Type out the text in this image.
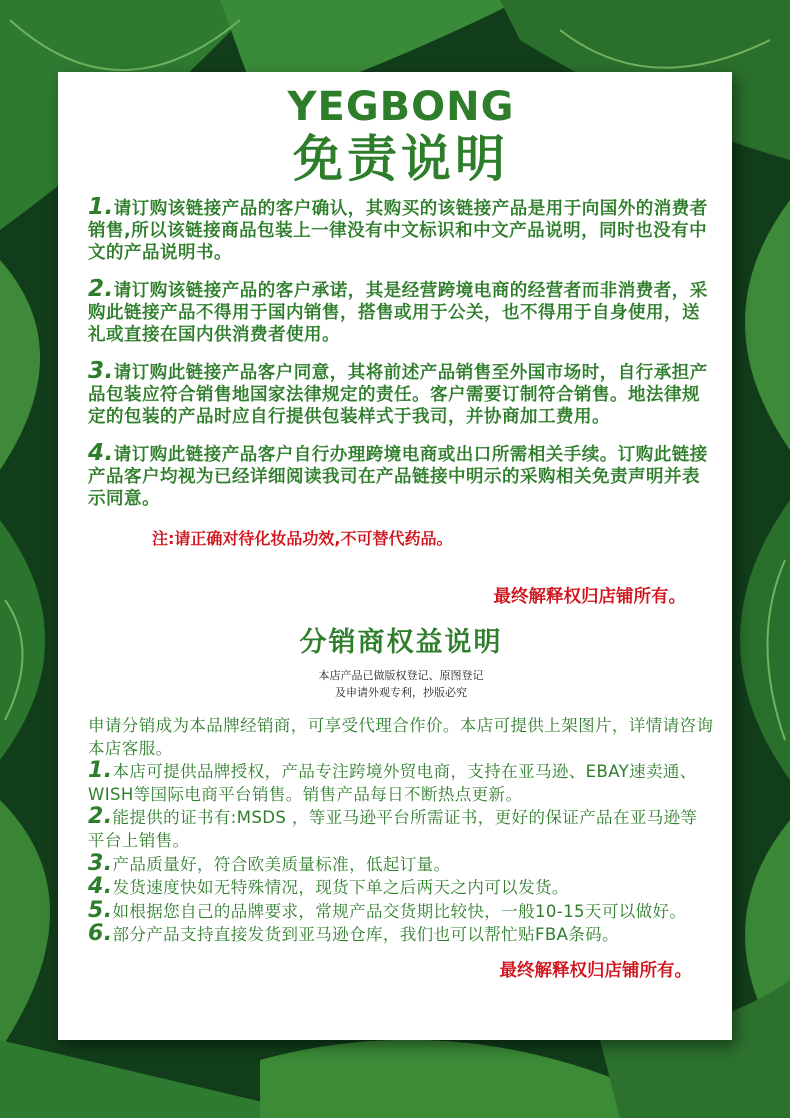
YEGBONG
免责说明
1.请订购该链接产品的客户确认，其购买的该链接产品是用于向国外的消费者销售,所以该链接商品包装上一律没有中文标识和中文产品说明，同时也没有中文的产品说明书。
2.请订购该链接产品的客户承诺，其是经营跨境电商的经营者而非消费者，采购此链接产品不得用于国内销售，搭售或用于公关，也不得用于自身使用，送礼或直接在国内供消费者使用。
3.请订购此链接产品客户同意，其将前述产品销售至外国市场时，自行承担产品包装应符合销售地国家法律规定的责任。客户需要订制符合销售。地法律规定的包装的产品时应自行提供包装样式于我司，并协商加工费用。
4.请订购此链接产品客户自行办理跨境电商或出口所需相关手续。订购此链接产品客户均视为已经详细阅读我司在产品链接中明示的采购相关免责声明并表示同意。
注:请正确对待化妆品功效,不可替代药品。
最终解释权归店铺所有。
分销商权益说明
本店产品已做版权登记、原图登记
及申请外观专利，抄版必究
申请分销成为本品牌经销商，可享受代理合作价。本店可提供上架图片，详情请咨询本店客服。
1.本店可提供品牌授权，产品专注跨境外贸电商，支持在亚马逊、EBAY速卖通、WISH等国际电商平台销售。销售产品每日不断热点更新。
2.能提供的证书有:MSDS ，等亚马逊平台所需证书，更好的保证产品在亚马逊等平台上销售。
3.产品质量好，符合欧美质量标准，低起订量。
4.发货速度快如无特殊情况，现货下单之后两天之内可以发货。
5.如根据您自己的品牌要求，常规产品交货期比较快，一般10-15天可以做好。
6.部分产品支持直接发货到亚马逊仓库，我们也可以帮忙贴FBA条码。
最终解释权归店铺所有。
